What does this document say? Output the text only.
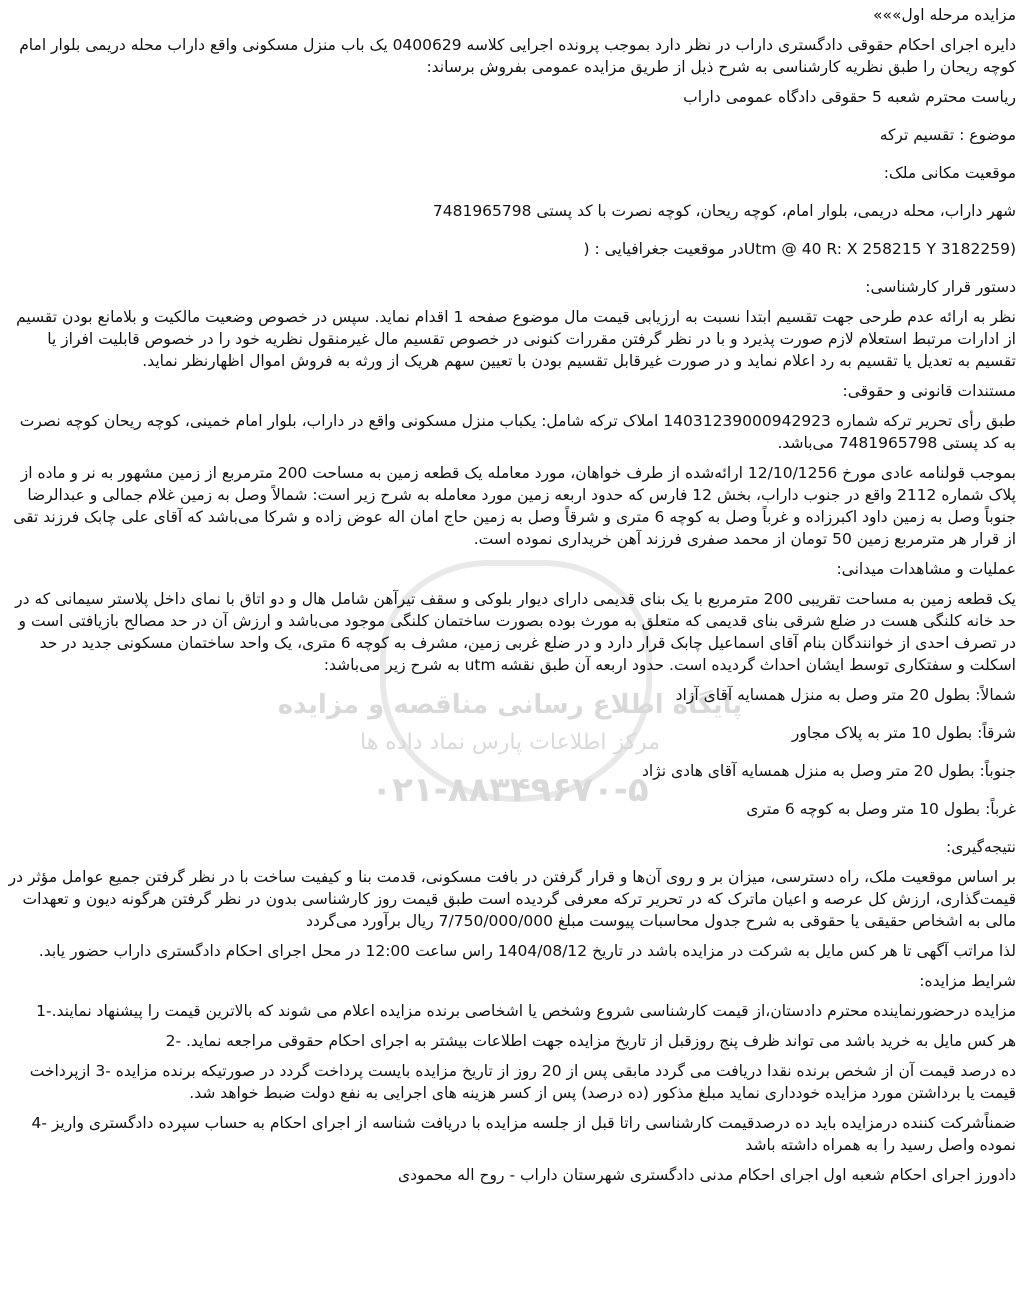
پایگاه اطلاع رسانی مناقصه و مزایده
مرکز اطلاعات پارس نماد داده ها
۰۲۱-۸۸۳۴۹۶۷۰-۵

مزایده مرحله اول»»»

دایره اجرای احکام حقوقی دادگستری داراب در نظر دارد بموجب پرونده اجرایی کلاسه 0400629 یک باب منزل مسکونی واقع داراب محله دریمی بلوار امام کوچه ریحان را طبق نظریه کارشناسی به شرح ذیل از طریق مزایده عمومی بفروش برساند:

ریاست محترم شعبه 5 حقوقی دادگاه عمومی داراب

موضوع : تقسیم ترکه

موقعیت مکانی ملک:

شهر داراب، محله دریمی، بلوار امام، کوچه ریحان، کوچه نصرت با کد پستی 7481965798

(Utm @ 40 R: X 258215 Y 3182259در موقعیت جغرافیایی : (

دستور قرار کارشناسی:

نظر به ارائه عدم طرحی جهت تقسیم ابتدا نسبت به ارزیابی قیمت مال موضوع صفحه 1 اقدام نماید. سپس در خصوص وضعیت مالکیت و بلامانع بودن تقسیم از ادارات مرتبط استعلام لازم صورت پذیرد و با در نظر گرفتن مقررات کنونی در خصوص تقسیم مال غیرمنقول نظریه خود را در خصوص قابلیت افراز یا تقسیم به تعدیل یا تقسیم به رد اعلام نماید و در صورت غیرقابل تقسیم بودن با تعیین سهم هریک از ورثه به فروش اموال اظهارنظر نماید.

مستندات قانونی و حقوقی:

طبق رأی تحریر ترکه شماره 14031239000942923 املاک ترکه شامل: یکباب منزل مسکونی واقع در داراب، بلوار امام خمینی، کوچه ریحان کوچه نصرت به کد پستی 7481965798 می‌باشد.

بموجب قولنامه عادی مورخ 12/10/1256 ارائه‌شده از طرف خواهان، مورد معامله یک قطعه زمین به مساحت 200 مترمربع از زمین مشهور به نر و ماده از پلاک شماره 2112 واقع در جنوب داراب، بخش 12 فارس که حدود اربعه زمین مورد معامله به شرح زیر است: شمالاً وصل به زمین غلام جمالی و عبدالرضا جنوباً وصل به زمین داود اکبرزاده و غرباً وصل به کوچه 6 متری و شرقاً وصل به زمین حاج امان اله عوض زاده و شرکا می‌باشد که آقای علی چابک فرزند تقی از قرار هر مترمربع زمین 50 تومان از محمد صفری فرزند آهن خریداری نموده است.

عملیات و مشاهدات میدانی:

یک قطعه زمین به مساحت تقریبی 200 مترمربع با یک بنای قدیمی دارای دیوار بلوکی و سقف تیرآهن شامل هال و دو اتاق با نمای داخل پلاستر سیمانی که در حد خانه کلنگی هست در ضلع شرقی بنای قدیمی که متعلق به مورث بوده بصورت ساختمان کلنگی موجود می‌باشد و ارزش آن در حد مصالح بازیافتی است و در تصرف احدی از خوانندگان بنام آقای اسماعیل چابک قرار دارد و در ضلع غربی زمین، مشرف به کوچه 6 متری، یک واحد ساختمان مسکونی جدید در حد اسکلت و سفتکاری توسط ایشان احداث گردیده است. حدود اربعه آن طبق نقشه utm به شرح زیر می‌باشد:

شمالاً: بطول 20 متر وصل به منزل همسایه آقای آزاد

شرقاً: بطول 10 متر به پلاک مجاور

جنوباً: بطول 20 متر وصل به منزل همسایه آقای هادی نژاد

غرباً: بطول 10 متر وصل به کوچه 6 متری

نتیجه‌گیری:

بر اساس موقعیت ملک، راه دسترسی، میزان بر و روی آن‌ها و قرار گرفتن در بافت مسکونی، قدمت بنا و کیفیت ساخت با در نظر گرفتن جمیع عوامل مؤثر در قیمت‌گذاری، ارزش کل عرصه و اعیان ماترک که در تحریر ترکه معرفی گردیده است طبق قیمت روز کارشناسی بدون در نظر گرفتن هرگونه دیون و تعهدات مالی به اشخاص حقیقی یا حقوقی به شرح جدول محاسبات پیوست مبلغ 7/750/000/000 ریال برآورد می‌گردد

لذا مراتب آگهی تا هر کس مایل به شرکت در مزایده باشد در تاریخ 1404/08/12 راس ساعت 12:00 در محل اجرای احکام دادگستری داراب حضور یابد.

شرایط مزایده:

مزایده درحضورنماینده محترم دادستان،از قیمت کارشناسی شروع وشخص یا اشخاصی برنده مزایده اعلام می شوند که بالاترین قیمت را پیشنهاد نمایند.-1

هر کس مایل به خرید باشد می تواند ظرف پنج روزقبل از تاریخ مزایده جهت اطلاعات بیشتر به اجرای احکام حقوقی مراجعه نماید. -2

ده درصد قیمت آن از شخص برنده نقدا دریافت می گردد مابقی پس از 20 روز از تاریخ مزایده بایست پرداخت گردد در صورتیکه برنده مزایده -3 ازپرداخت قیمت یا برداشتن مورد مزایده خودداری نماید مبلغ مذکور (ده درصد) پس از کسر هزینه های اجرایی به نفع دولت ضبط خواهد شد.

ضمناًشرکت کننده درمزایده باید ده درصدقیمت کارشناسی راتا قبل از جلسه مزایده با دریافت شناسه از اجرای احکام به حساب سپرده دادگستری واریز -4 نموده واصل رسید را به همراه داشته باشد

دادورز اجرای احکام شعبه اول اجرای احکام مدنی دادگستری شهرستان داراب - روح اله محمودی
